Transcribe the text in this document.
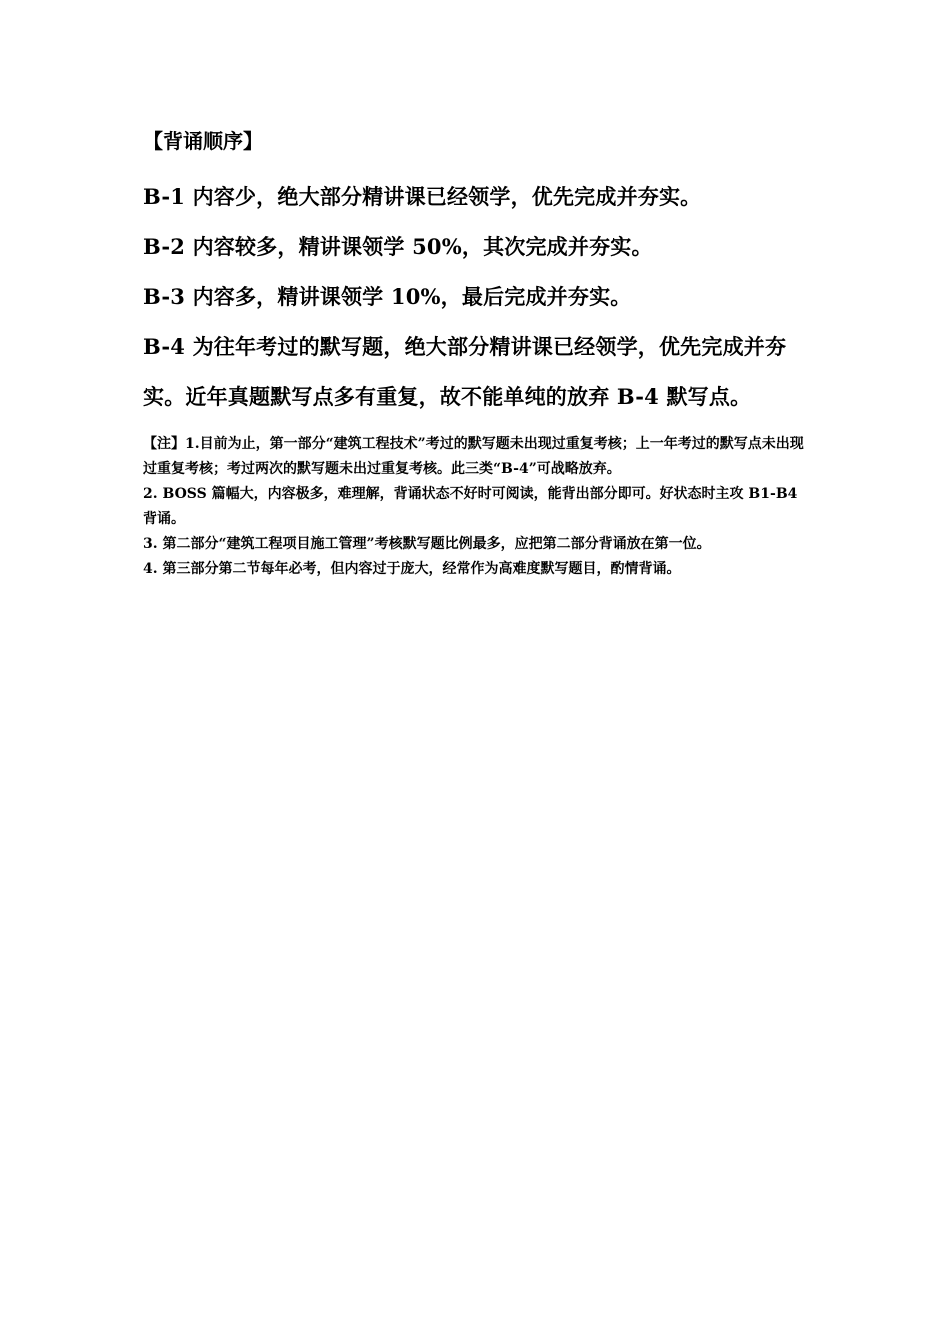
【背诵顺序】

B-1 内容少，绝大部分精讲课已经领学，优先完成并夯实。

B-2 内容较多，精讲课领学 50%，其次完成并夯实。

B-3 内容多，精讲课领学 10%，最后完成并夯实。

B-4 为往年考过的默写题，绝大部分精讲课已经领学，优先完成并夯实。近年真题默写点多有重复，故不能单纯的放弃 B-4 默写点。

【注】1.目前为止，第一部分“建筑工程技术”考过的默写题未出现过重复考核；上一年考过的默写点未出现过重复考核；考过两次的默写题未出过重复考核。此三类“B-4”可战略放弃。

2. BOSS 篇幅大，内容极多，难理解，背诵状态不好时可阅读，能背出部分即可。好状态时主攻 B1-B4 背诵。

3. 第二部分“建筑工程项目施工管理”考核默写题比例最多，应把第二部分背诵放在第一位。

4. 第三部分第二节每年必考，但内容过于庞大，经常作为高难度默写题目，酌情背诵。
